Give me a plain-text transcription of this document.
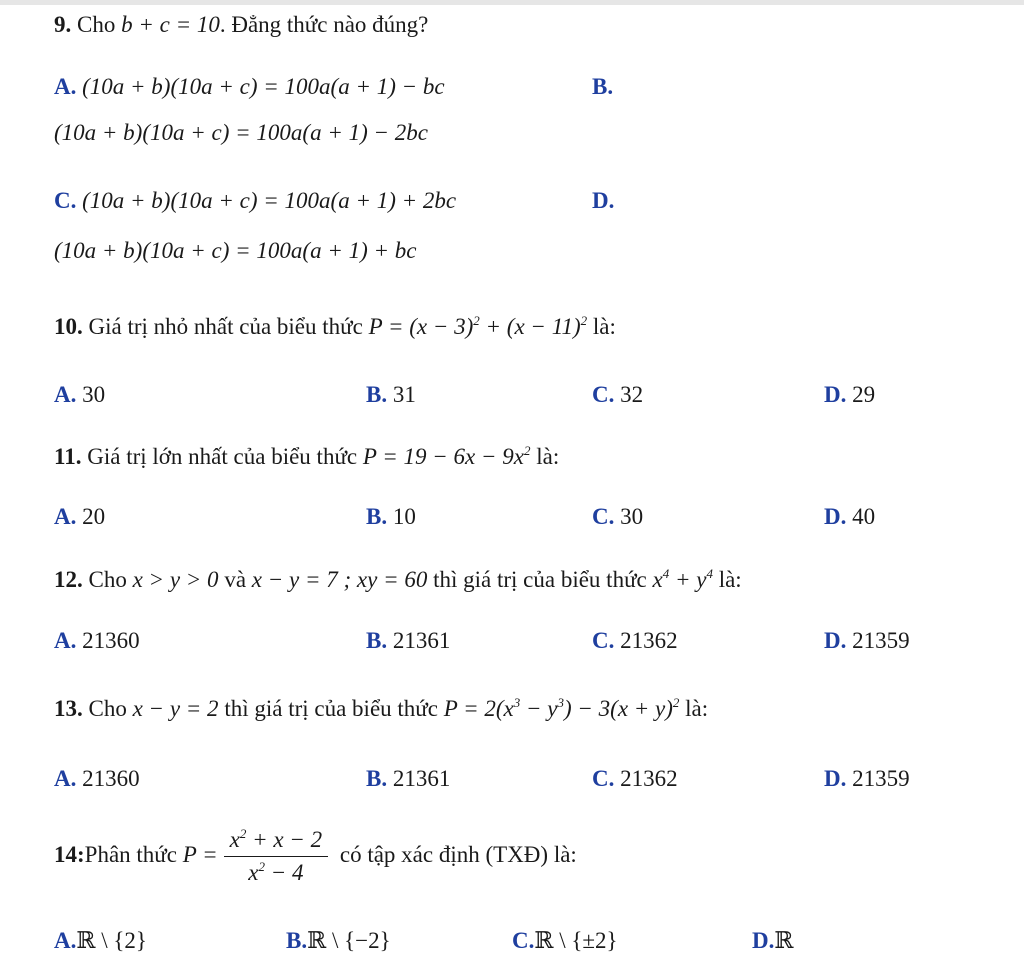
9. Cho b + c = 10. Đẳng thức nào đúng?
A. (10a + b)(10a + c) = 100a(a + 1) − bc	B.
(10a + b)(10a + c) = 100a(a + 1) − 2bc
C. (10a + b)(10a + c) = 100a(a + 1) + 2bc	D.
(10a + b)(10a + c) = 100a(a + 1) + bc
10. Giá trị nhỏ nhất của biểu thức $P = (x - 3)^2 + (x - 11)^2$ là:
A. 30	B. 31	C. 32	D. 29
11. Giá trị lớn nhất của biểu thức $P = 19 - 6x - 9x^2$ là:
A. 20	B. 10	C. 30	D. 40
12. Cho x > y > 0 và x − y = 7 ; xy = 60 thì giá trị của biểu thức $x^4 + y^4$ là:
A. 21360	B. 21361	C. 21362	D. 21359
13. Cho x − y = 2 thì giá trị của biểu thức $P = 2(x^3 - y^3) - 3(x + y)^2$ là:
A. 21360	B. 21361	C. 21362	D. 21359
14:Phân thức $P = \frac{x^2 + x - 2}{x^2 - 4}$ có tập xác định (TXĐ) là:
A.ℝ \ {2}	B.ℝ \ {−2}	C.ℝ \ {±2}	D.ℝ
